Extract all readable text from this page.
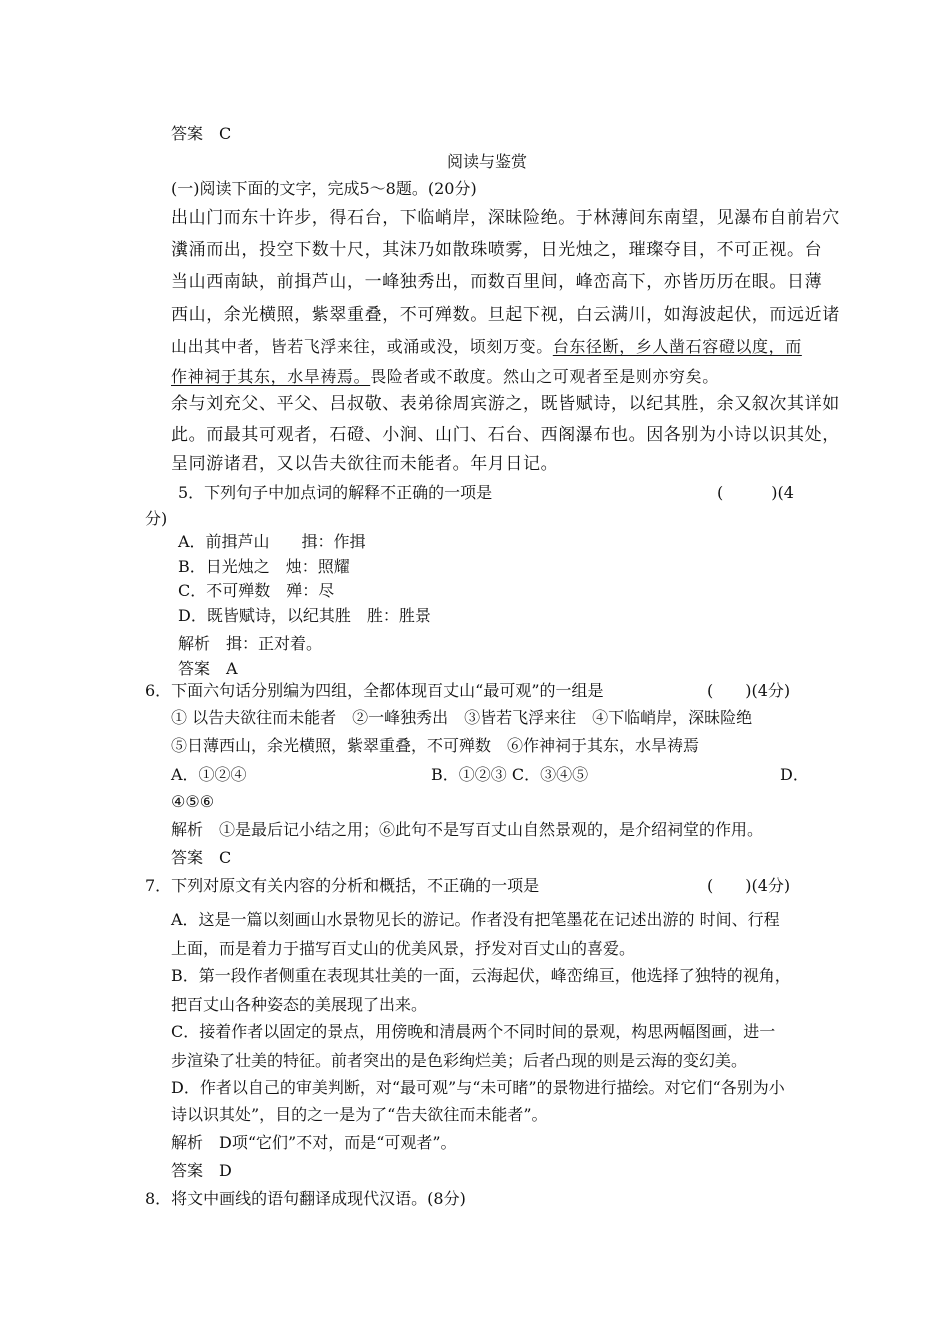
答案　C
阅读与鉴赏
(一)阅读下面的文字，完成5～8题。(20分)
出山门而东十许步，得石台，下临峭岸，深昧险绝。于林薄间东南望，见瀑布自前岩穴
瀵涌而出，投空下数十尺，其沫乃如散珠喷雾，日光烛之，璀璨夺目，不可正视。台
当山西南缺，前揖芦山，一峰独秀出，而数百里间，峰峦高下，亦皆历历在眼。日薄
西山，余光横照，紫翠重叠，不可殚数。旦起下视，白云满川，如海波起伏，而远近诸
山出其中者，皆若飞浮来往，或涌或没，顷刻万变。 台东径断，乡人凿石容磴以度，而
作神祠于其东，水旱祷焉。 畏险者或不敢度。然山之可观者至是则亦穷矣。
余与刘充父、平父、吕叔敬、表弟徐周宾游之，既皆赋诗，以纪其胜，余又叙次其详如
此。而最其可观者，石磴、小涧、山门、石台、西阁瀑布也。因各别为小诗以识其处，
呈同游诸君，又以告夫欲往而未能者。年月日记。
5．下列句子中加点词的解释不正确的一项是	(　　　)(4
分)
A．前揖芦山　　揖：作揖
B．日光烛之　烛：照耀
C．不可殚数　殚：尽
D．既皆赋诗，以纪其胜　胜：胜景
解析　揖：正对着。
答案　A
6．下面六句话分别编为四组，全都体现百丈山“最可观”的一组是	(　　)(4分)
① 以告夫欲往而未能者　②一峰独秀出　③皆若飞浮来往　④下临峭岸，深昧险绝
⑤日薄西山，余光横照，紫翠重叠，不可殚数　⑥作神祠于其东，水旱祷焉
A．①②④	B．①②③ C．③④⑤	D．
④⑤⑥
解析　①是最后记小结之用；⑥此句不是写百丈山自然景观的，是介绍祠堂的作用。
答案　C
7．下列对原文有关内容的分析和概括，不正确的一项是	(　　)(4分)
A．这是一篇以刻画山水景物见长的游记。作者没有把笔墨花在记述出游的 时间、行程
上面，而是着力于描写百丈山的优美风景，抒发对百丈山的喜爱。
B．第一段作者侧重在表现其壮美的一面，云海起伏，峰峦绵亘，他选择了独特的视角，
把百丈山各种姿态的美展现了出来。
C．接着作者以固定的景点，用傍晚和清晨两个不同时间的景观，构思两幅图画，进一
步渲染了壮美的特征。前者突出的是色彩绚烂美；后者凸现的则是云海的变幻美。
D．作者以自己的审美判断，对“最可观”与“未可睹”的景物进行描绘。对它们“各别为小
诗以识其处”，目的之一是为了“告夫欲往而未能者”。
解析　D项“它们”不对，而是“可观者”。
答案　D
8．将文中画线的语句翻译成现代汉语。(8分)
